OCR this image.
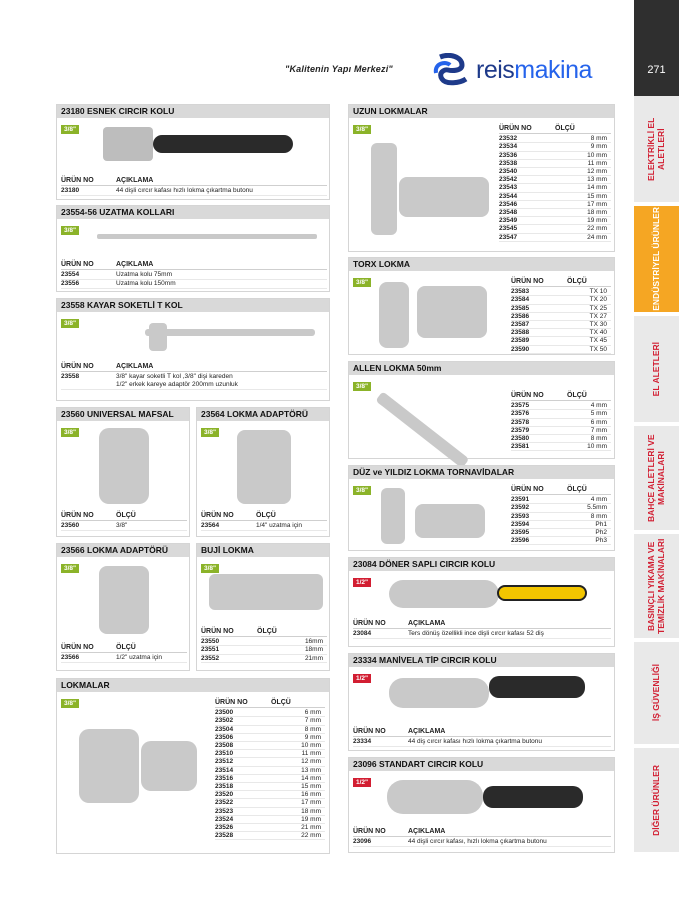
"Kalitenin Yapı Merkezi"	reismakina	271
ELEKTRİKLİ EL ALETLERİ
ENDÜSTRİYEL ÜRÜNLER
EL ALETLERİ
BAHÇE ALETLERİ VE MAKİNALARI
BASINÇLI YIKAMA VE TEMİZLİK MAKİNALARI
İŞ GÜVENLİĞİ
DİĞER ÜRÜNLER
23180 ESNEK CIRCIR KOLU
3/8"
ÜRÜN NO	AÇIKLAMA
23180	44 dişli cırcır kafası hızlı lokma çıkartma butonu
23554-56 UZATMA KOLLARI
3/8"
ÜRÜN NO	AÇIKLAMA
23554	Uzatma kolu 75mm
23556	Uzatma kolu 150mm
23558 KAYAR SOKETLİ T KOL
3/8"
ÜRÜN NO	AÇIKLAMA
23558	3/8" kayar soketli T kol ,3/8" dişi kareden
1/2" erkek kareye adaptör 200mm uzunluk
23560 UNIVERSAL MAFSAL
3/8"
ÜRÜN NO	ÖLÇÜ
23560	3/8"
23564 LOKMA ADAPTÖRÜ
3/8"
ÜRÜN NO	ÖLÇÜ
23564	1/4" uzatma için
23566 LOKMA ADAPTÖRÜ
3/8"
ÜRÜN NO	ÖLÇÜ
23566	1/2" uzatma için
BUJİ LOKMA
3/8"
ÜRÜN NO	ÖLÇÜ
23550	16mm
23551	18mm
23552	21mm
LOKMALAR
3/8"	ÜRÜN NO	ÖLÇÜ
23500	6 mm
23502	7 mm
23504	8 mm
23506	9 mm
23508	10 mm
23510	11 mm
23512	12 mm
23514	13 mm
23516	14 mm
23518	15 mm
23520	16 mm
23522	17 mm
23523	18 mm
23524	19 mm
23526	21 mm
23528	22 mm
UZUN LOKMALAR
3/8"	ÜRÜN NO	ÖLÇÜ
23532	8 mm
23534	9 mm
23536	10 mm
23538	11 mm
23540	12 mm
23542	13 mm
23543	14 mm
23544	15 mm
23546	17 mm
23548	18 mm
23549	19 mm
23545	22 mm
23547	24 mm
TORX LOKMA
3/8"	ÜRÜN NO	ÖLÇÜ
23583	TX 10
23584	TX 20
23585	TX 25
23586	TX 27
23587	TX 30
23588	TX 40
23589	TX 45
23590	TX 50
ALLEN LOKMA 50mm
3/8"
ÜRÜN NO	ÖLÇÜ
23575	4 mm
23576	5 mm
23578	6 mm
23579	7 mm
23580	8 mm
23581	10 mm
DÜZ ve YILDIZ LOKMA TORNAVİDALAR
3/8"	ÜRÜN NO	ÖLÇÜ
23591	4 mm
23592	5.5mm
23593	8 mm
23594	Ph1
23595	Ph2
23596	Ph3
23084 DÖNER SAPLI CIRCIR KOLU
1/2"
ÜRÜN NO	AÇIKLAMA
23084	Ters dönüş özellikli ince dişli cırcır kafası 52 diş
23334 MANİVELA TİP CIRCIR KOLU
1/2"
ÜRÜN NO	AÇIKLAMA
23334	44 diş cırcır kafası hızlı lokma çıkartma butonu
23096 STANDART CIRCIR KOLU
1/2"
ÜRÜN NO	AÇIKLAMA
23096	44 dişli cırcır kafası, hızlı lokma çıkartma butonu
